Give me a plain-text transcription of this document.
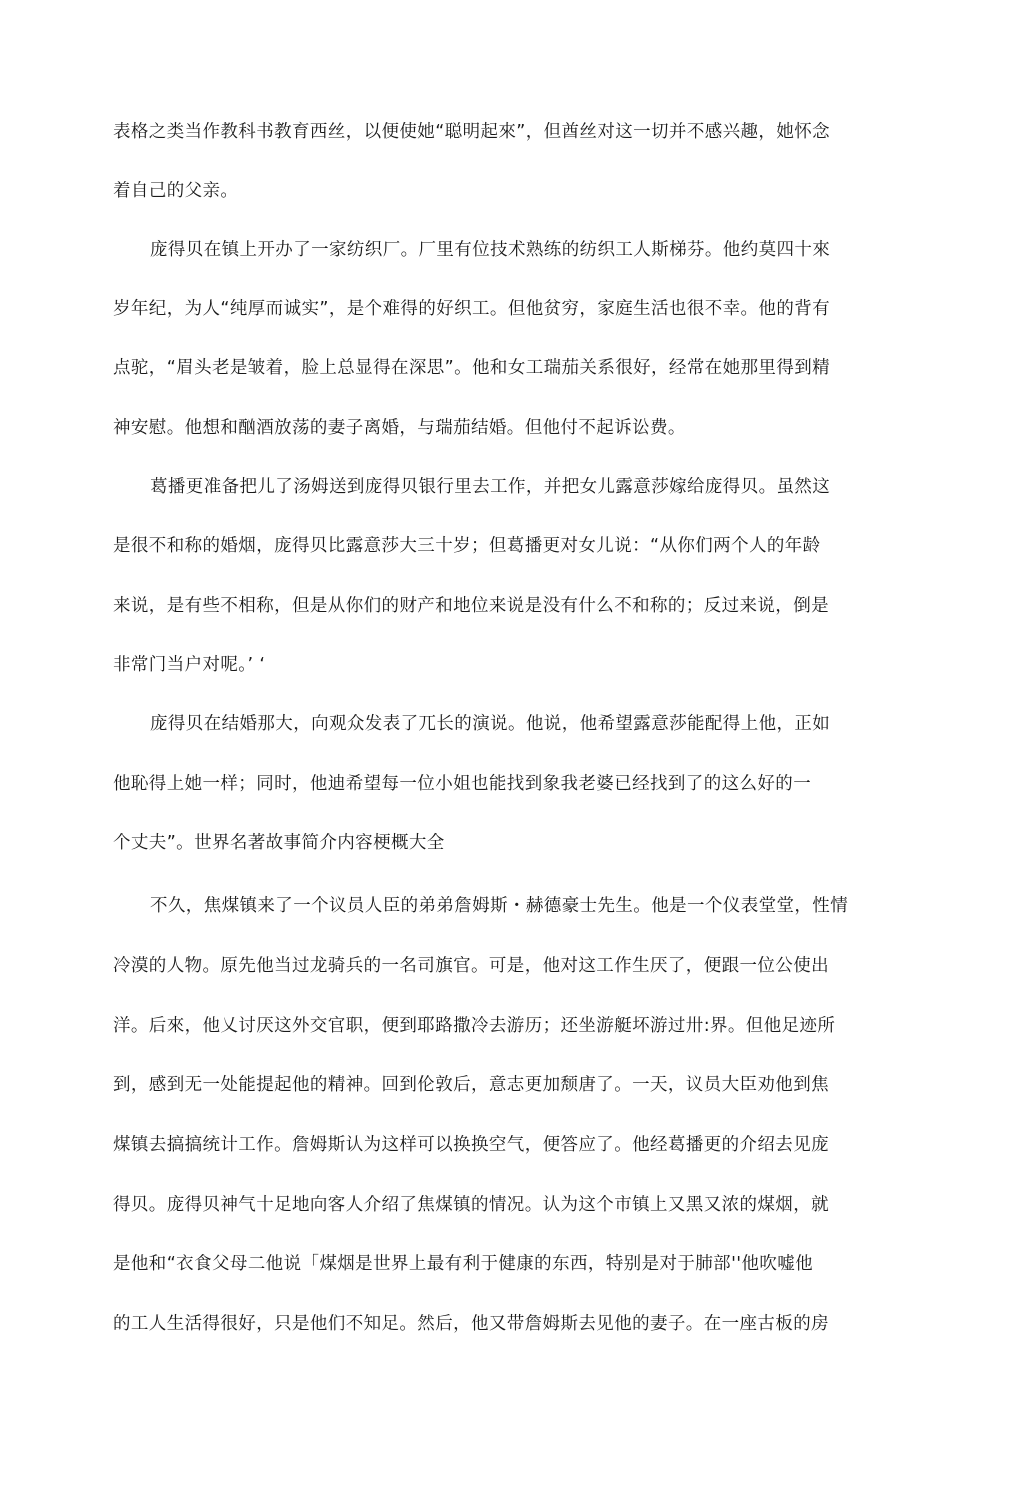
表格之类当作教科书教育西丝，以便使她“聪明起來”，但酋丝对这一切并不感兴趣，她怀念
着自己的父亲。
庞得贝在镇上开办了一家纺织厂。厂里有位技术熟练的纺织工人斯梯芬。他约莫四十來
岁年纪，为人“纯厚而诚实”，是个难得的好织工。但他贫穷，家庭生活也很不幸。他的背有
点驼，“眉头老是皱着，脸上总显得在深思”。他和女工瑞茄关系很好，经常在她那里得到精
神安慰。他想和酗酒放荡的妻子离婚，与瑞茄结婚。但他付不起诉讼费。
葛播更准备把儿了汤姆送到庞得贝银行里去工作，并把女儿露意莎嫁给庞得贝。虽然这
是很不和称的婚烟，庞得贝比露意莎大三十岁；但葛播更对女儿说：“从你们两个人的年龄
来说，是有些不相称，但是从你们的财产和地位来说是没有什么不和称的；反过来说，倒是
非常门当户对呢。’ ‘
庞得贝在结婚那大，向观众发表了兀长的演说。他说，他希望露意莎能配得上他，正如
他恥得上她一样；同时，他迪希望每一位小姐也能找到象我老婆已经找到了的这么好的一
个丈夫”。世界名著故事简介内容梗概大全
不久，焦煤镇来了一个议员人臣的弟弟詹姆斯・赫德豪士先生。他是一个仪表堂堂，性情
冷漠的人物。原先他当过龙骑兵的一名司旗官。可是，他对这工作生厌了，便跟一位公使出
洋。后來，他乂讨厌这外交官职，便到耶路撒冷去游历；还坐游艇坏游过卅:界。但他足迹所
到，感到无一处能提起他的精神。回到伦敦后，意志更加颓唐了。一天，议员大臣劝他到焦
煤镇去搞搞统计工作。詹姆斯认为这样可以换换空气，便答应了。他经葛播更的介绍去见庞
得贝。庞得贝神气十足地向客人介绍了焦煤镇的情况。认为这个市镇上又黑又浓的煤烟，就
是他和“衣食父母二他说「煤烟是世界上最有利于健康的东西，特别是对于肺部''他吹嘘他
的工人生活得很好，只是他们不知足。然后，他又带詹姆斯去见他的妻子。在一座古板的房
